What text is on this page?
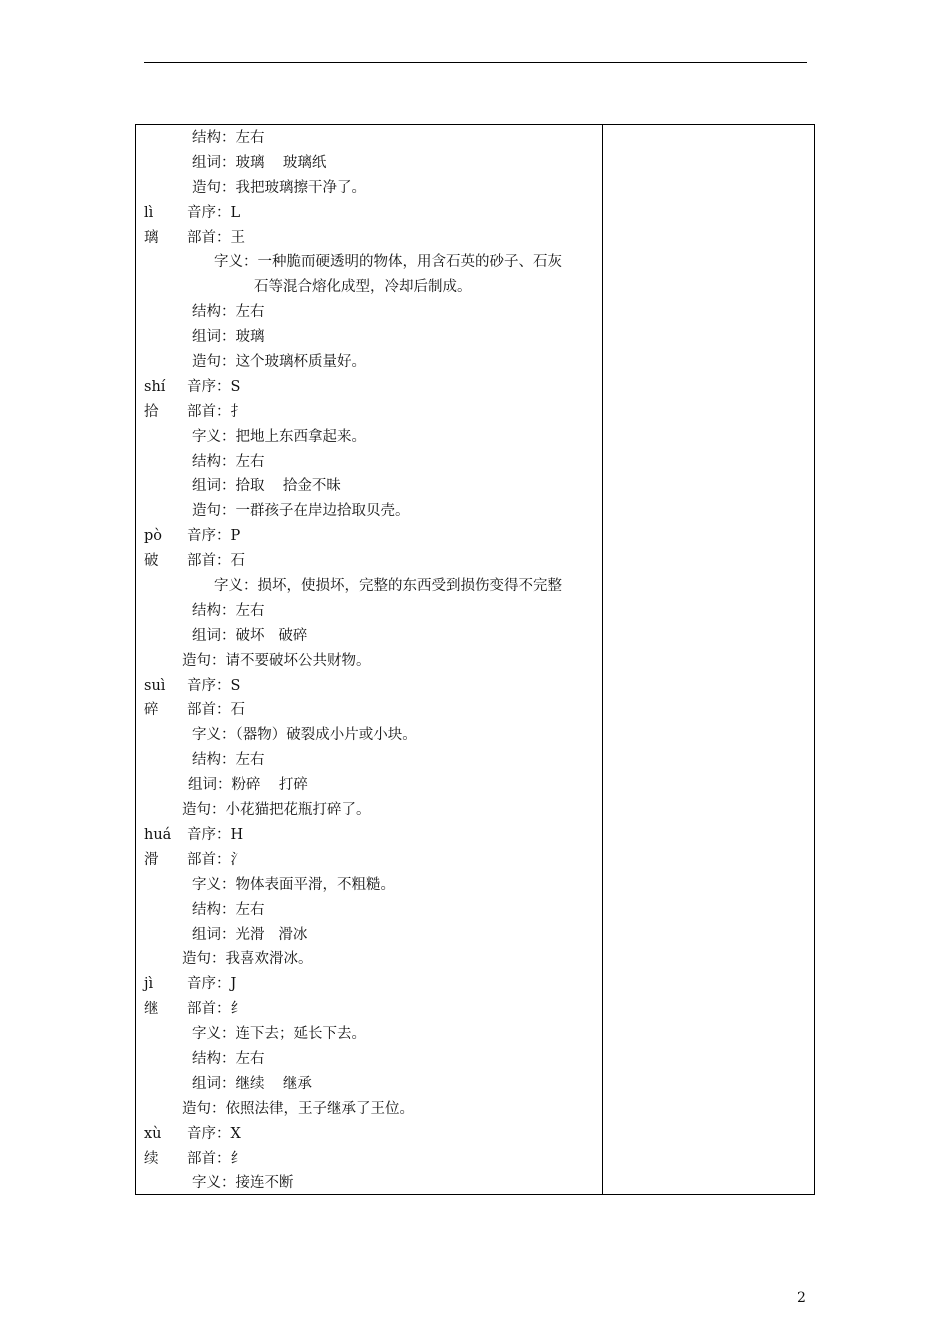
结构：左右
组词：玻璃    玻璃纸
造句：我把玻璃擦干净了。
lì	音序：L
璃	部首：王
字义：一种脆而硬透明的物体，用含石英的砂子、石灰
石等混合熔化成型，冷却后制成。
结构：左右
组词：玻璃
造句：这个玻璃杯质量好。
shí	音序：S
拾	部首：扌
字义：把地上东西拿起来。
结构：左右
组词：拾取    拾金不昧
造句：一群孩子在岸边拾取贝壳。
pò	音序：P
破	部首：石
字义：损坏，使损坏，完整的东西受到损伤变得不完整
结构：左右
组词：破坏   破碎
造句：请不要破坏公共财物。
suì	音序：S
碎	部首：石
字义：（器物）破裂成小片或小块。
结构：左右
组词：粉碎    打碎
造句：小花猫把花瓶打碎了。
huá	音序：H
滑	部首：氵
字义：物体表面平滑，不粗糙。
结构：左右
组词：光滑   滑冰
造句：我喜欢滑冰。
jì	音序：J
继	部首：纟
字义：连下去；延长下去。
结构：左右
组词：继续    继承
造句：依照法律，王子继承了王位。
xù	音序：X
续	部首：纟
字义：接连不断
2
